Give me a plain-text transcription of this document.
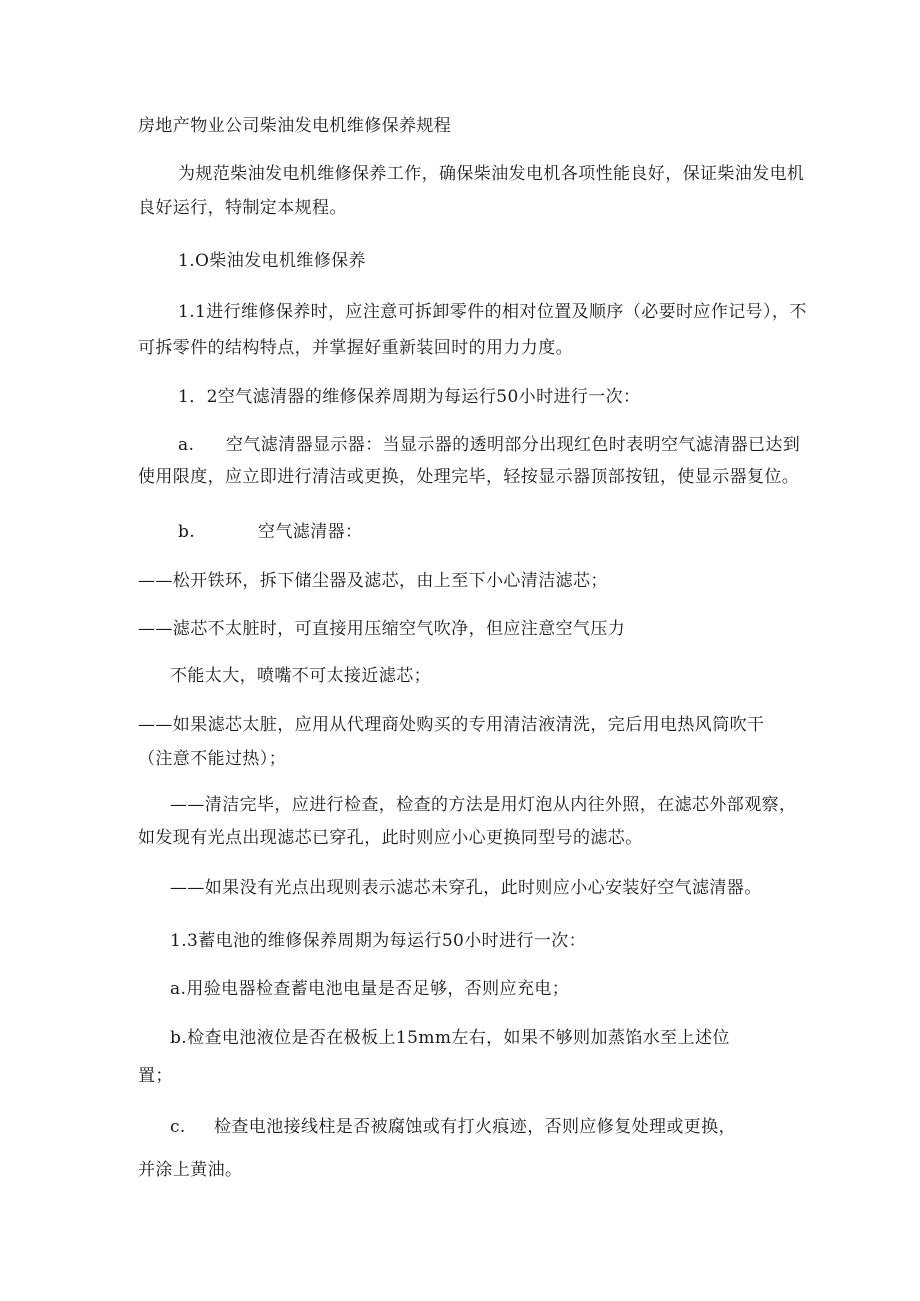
房地产物业公司柴油发电机维修保养规程
为规范柴油发电机维修保养工作，确保柴油发电机各项性能良好，保证柴油发电机
良好运行，特制定本规程。
1.O柴油发电机维修保养
1.1进行维修保养时，应注意可拆卸零件的相对位置及顺序（必要时应作记号），不
可拆零件的结构特点，并掌握好重新装回时的用力力度。
1．2空气滤清器的维修保养周期为每运行50小时进行一次：
a. 空气滤清器显示器：当显示器的透明部分出现红色时表明空气滤清器已达到
使用限度，应立即进行清洁或更换，处理完毕，轻按显示器顶部按钮，使显示器复位。
b.	空气滤清器：
——松开铁环，拆下储尘器及滤芯，由上至下小心清洁滤芯；
——滤芯不太脏时，可直接用压缩空气吹净，但应注意空气压力
不能太大，喷嘴不可太接近滤芯；
——如果滤芯太脏，应用从代理商处购买的专用清洁液清洗，完后用电热风筒吹干
（注意不能过热）；
——清洁完毕，应进行检查，检查的方法是用灯泡从内往外照，在滤芯外部观察，
如发现有光点出现滤芯已穿孔，此时则应小心更换同型号的滤芯。
——如果没有光点出现则表示滤芯未穿孔，此时则应小心安装好空气滤清器。
1.3蓄电池的维修保养周期为每运行50小时进行一次：
a.用验电器检查蓄电池电量是否足够，否则应充电；
b.检查电池液位是否在极板上15mm左右，如果不够则加蒸馅水至上述位
置；
c. 检查电池接线柱是否被腐蚀或有打火痕迹，否则应修复处理或更换，
并涂上黄油。
